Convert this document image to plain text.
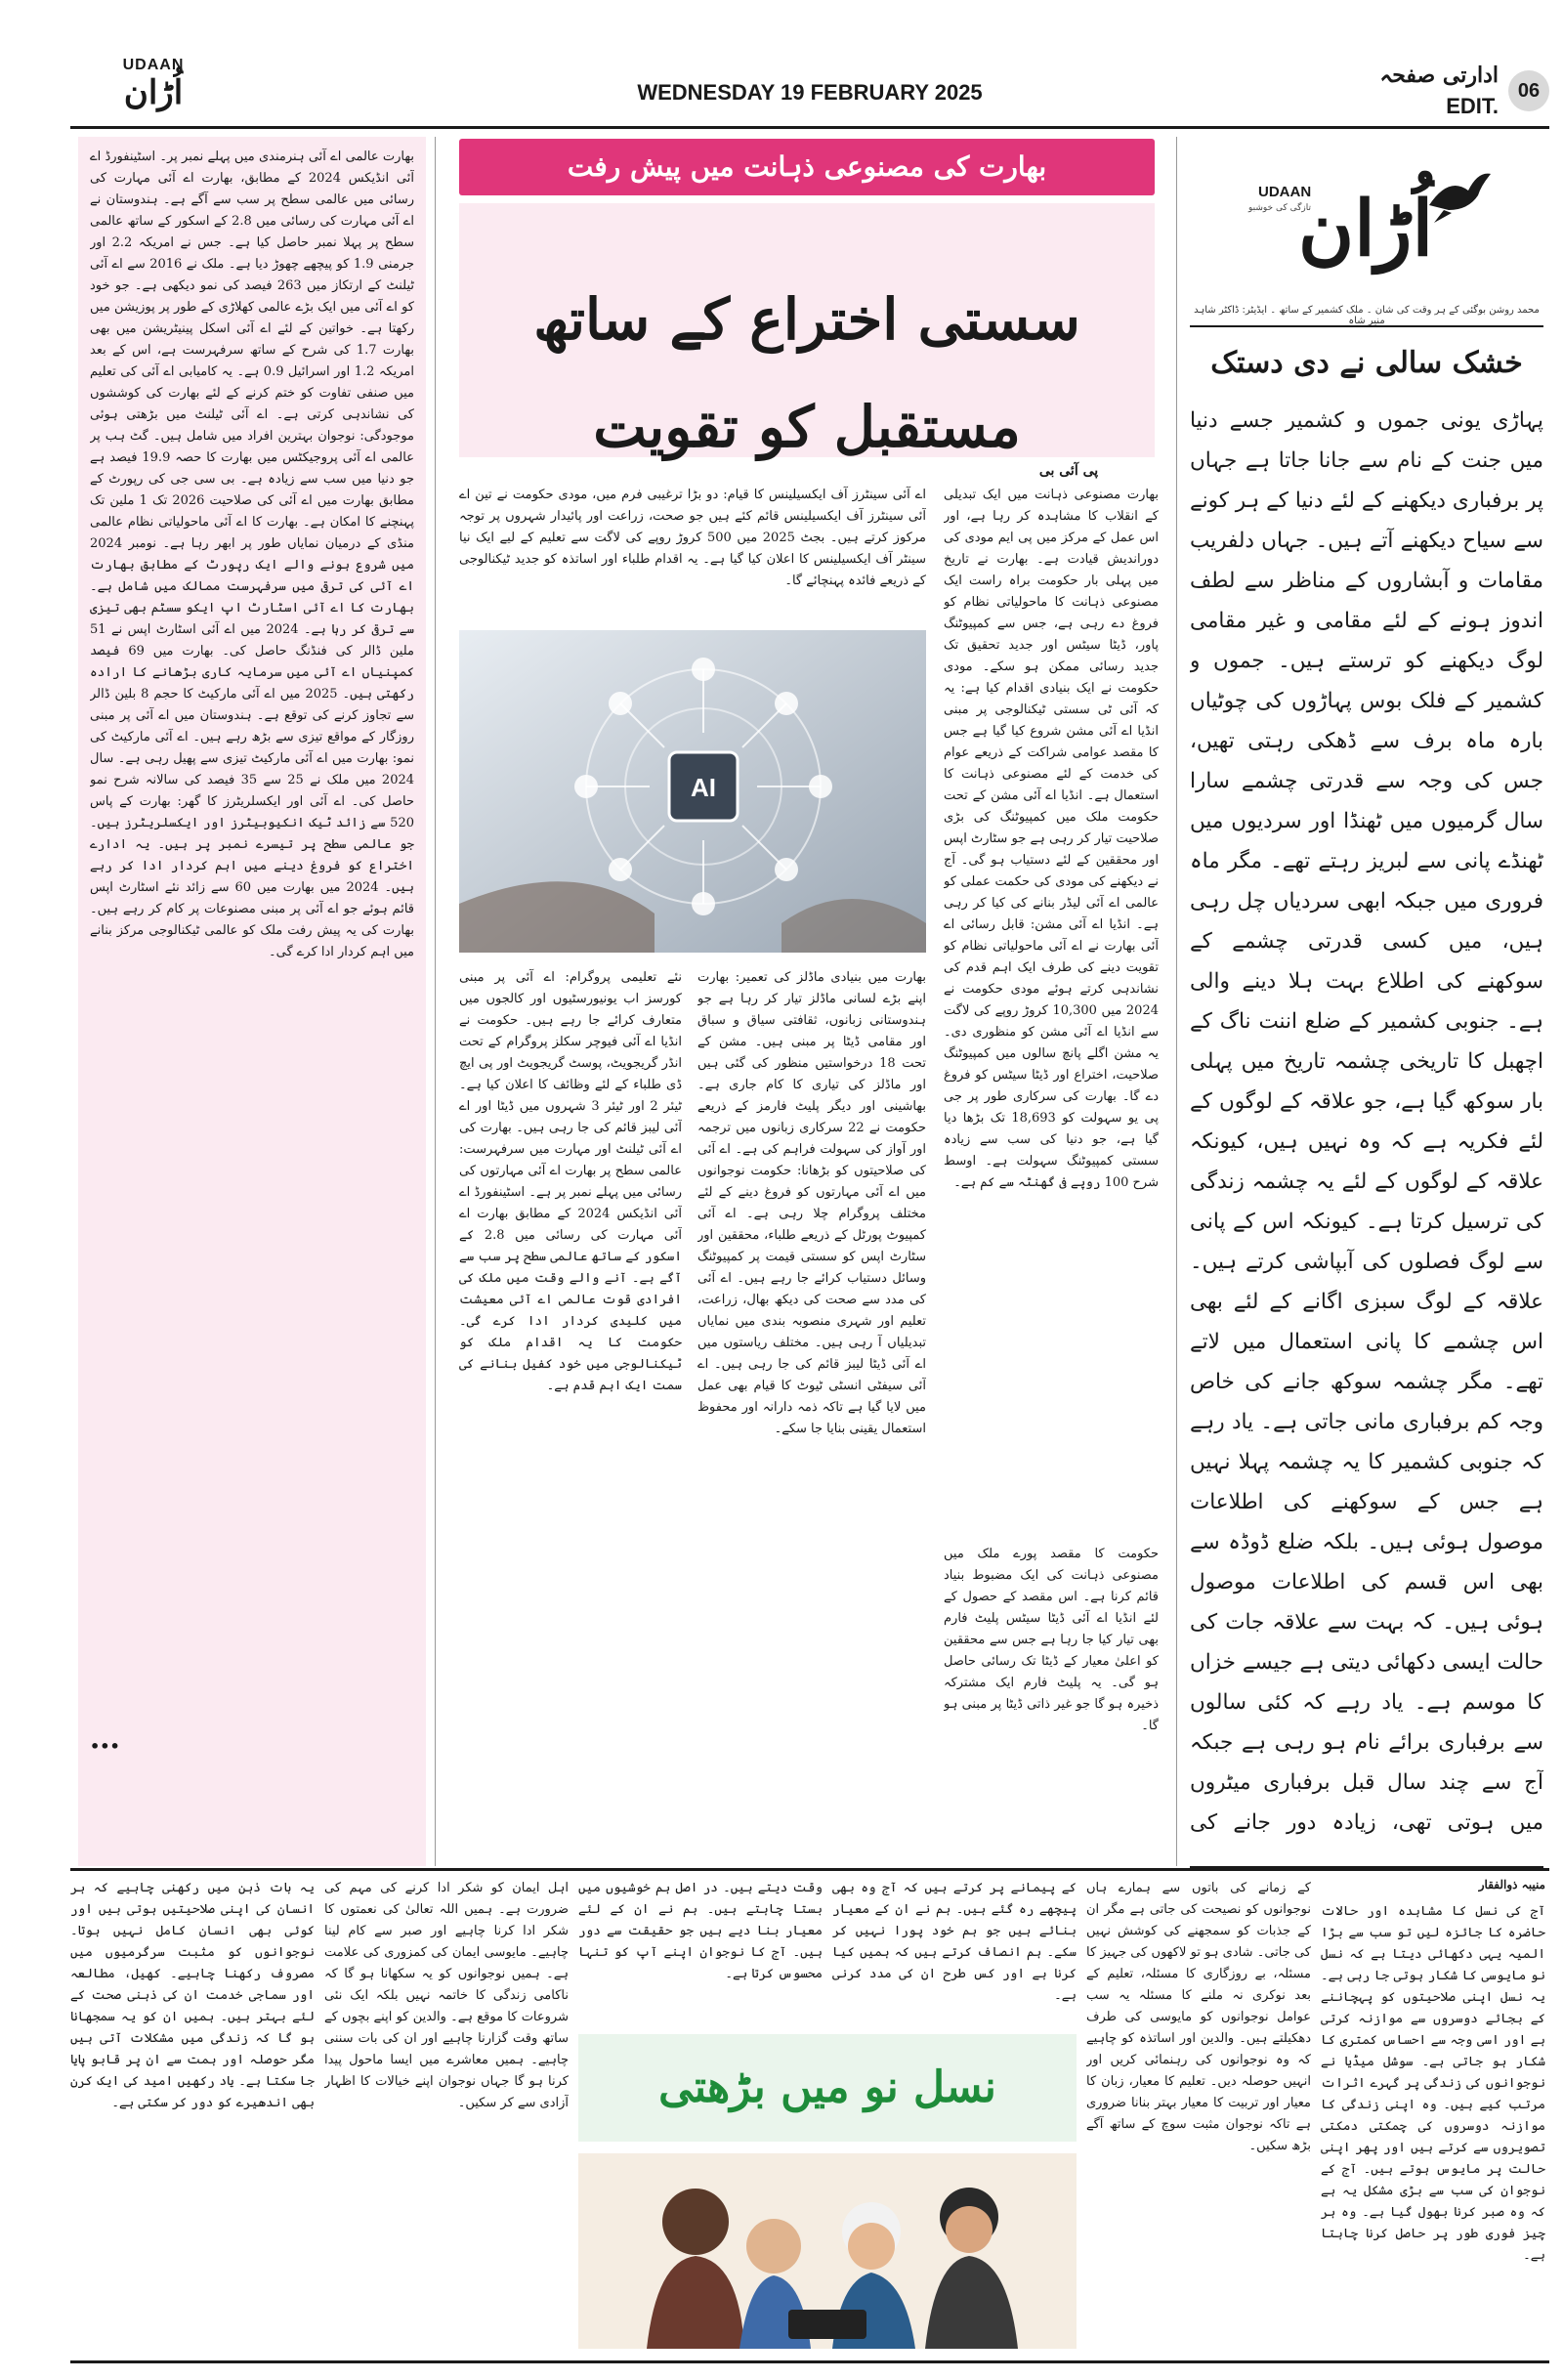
UDAAN
اُڑان	WEDNESDAY 19 FEBRUARY 2025
ادارتی صفحہ
EDIT.
06
بھارت عالمی اے آئی ہنرمندی میں پہلے نمبر پر۔ اسٹینفورڈ اے آئی انڈیکس 2024 کے مطابق، بھارت اے آئی مہارت کی رسائی میں عالمی سطح پر سب سے آگے ہے۔ ہندوستان نے اے آئی مہارت کی رسائی میں 2.8 کے اسکور کے ساتھ عالمی سطح پر پہلا نمبر حاصل کیا ہے۔ جس نے امریکہ 2.2 اور جرمنی 1.9 کو پیچھے چھوڑ دیا ہے۔ ملک نے 2016 سے اے آئی ٹیلنٹ کے ارتکاز میں 263 فیصد کی نمو دیکھی ہے۔ جو خود کو اے آئی میں ایک بڑے عالمی کھلاڑی کے طور پر پوزیشن میں رکھتا ہے۔ خواتین کے لئے اے آئی اسکل پینیٹریشن میں بھی بھارت 1.7 کی شرح کے ساتھ سرفہرست ہے، اس کے بعد امریکہ 1.2 اور اسرائیل 0.9 ہے۔ یہ کامیابی اے آئی کی تعلیم میں صنفی تفاوت کو ختم کرنے کے لئے بھارت کی کوششوں کی نشاندہی کرتی ہے۔ اے آئی ٹیلنٹ میں بڑھتی ہوئی موجودگی: نوجوان بہترین افراد میں شامل ہیں۔ گٹ ہب پر عالمی اے آئی پروجیکٹس میں بھارت کا حصہ 19.9 فیصد ہے جو دنیا میں سب سے زیادہ ہے۔ بی سی جی کی رپورٹ کے مطابق بھارت میں اے آئی کی صلاحیت 2026 تک 1 ملین تک پہنچنے کا امکان ہے۔ بھارت کا اے آئی ماحولیاتی نظام عالمی منڈی کے درمیان نمایاں طور پر ابھر رہا ہے۔ نومبر 2024 میں شروع ہونے والے ایک رپورٹ کے مطابق بھارت اے آئی کی ترقی میں سرفہرست ممالک میں شامل ہے۔ بھارت کا اے آئی اسٹارٹ اپ ایکو سسٹم بھی تیزی سے ترقی کر رہا ہے۔ 2024 میں اے آئی اسٹارٹ اپس نے 51 ملین ڈالر کی فنڈنگ حاصل کی۔ بھارت میں 69 فیصد کمپنیاں اے آئی میں سرمایہ کاری بڑھانے کا ارادہ رکھتی ہیں۔ 2025 میں اے آئی مارکیٹ کا حجم 8 بلین ڈالر سے تجاوز کرنے کی توقع ہے۔ ہندوستان میں اے آئی پر مبنی روزگار کے مواقع تیزی سے بڑھ رہے ہیں۔ اے آئی مارکیٹ کی نمو: بھارت میں اے آئی مارکیٹ تیزی سے پھیل رہی ہے۔ سال 2024 میں ملک نے 25 سے 35 فیصد کی سالانہ شرح نمو حاصل کی۔ اے آئی اور ایکسلریٹرز کا گھر: بھارت کے پاس 520 سے زائد ٹیک انکیوبیٹرز اور ایکسلریٹرز ہیں۔ جو عالمی سطح پر تیسرے نمبر پر ہیں۔ یہ ادارے اختراع کو فروغ دینے میں اہم کردار ادا کر رہے ہیں۔ 2024 میں بھارت میں 60 سے زائد نئے اسٹارٹ اپس قائم ہوئے جو اے آئی پر مبنی مصنوعات پر کام کر رہے ہیں۔ بھارت کی یہ پیش رفت ملک کو عالمی ٹیکنالوجی مرکز بنانے میں اہم کردار ادا کرے گی۔
•••
بھارت کی مصنوعی ذہانت میں پیش رفت
سستی اختراع کے ساتھ مستقبل کو تقویت
پی آئی بی
بھارت مصنوعی ذہانت میں ایک تبدیلی کے انقلاب کا مشاہدہ کر رہا ہے، اور اس عمل کے مرکز میں پی ایم مودی کی دوراندیش قیادت ہے۔ بھارت نے تاریخ میں پہلی بار حکومت براہ راست ایک مصنوعی ذہانت کا ماحولیاتی نظام کو فروغ دے رہی ہے، جس سے کمپیوٹنگ پاور، ڈیٹا سیٹس اور جدید تحقیق تک جدید رسائی ممکن ہو سکے۔ مودی حکومت نے ایک بنیادی اقدام کیا ہے: یہ کہ آئی ٹی سستی ٹیکنالوجی پر مبنی انڈیا اے آئی مشن شروع کیا گیا ہے جس کا مقصد عوامی شراکت کے ذریعے عوام کی خدمت کے لئے مصنوعی ذہانت کا استعمال ہے۔ انڈیا اے آئی مشن کے تحت حکومت ملک میں کمپیوٹنگ کی بڑی صلاحیت تیار کر رہی ہے جو سٹارٹ اپس اور محققین کے لئے دستیاب ہو گی۔ آج نے دیکھنے کی مودی کی حکمت عملی کو عالمی اے آئی لیڈر بنانے کی کیا کر رہی ہے۔ انڈیا اے آئی مشن: قابل رسائی اے آئی بھارت نے اے آئی ماحولیاتی نظام کو تقویت دینے کی طرف ایک اہم قدم کی نشاندہی کرتے ہوئے مودی حکومت نے 2024 میں 10,300 کروڑ روپے کی لاگت سے انڈیا اے آئی مشن کو منظوری دی۔ یہ مشن اگلے پانچ سالوں میں کمپیوٹنگ صلاحیت، اختراع اور ڈیٹا سیٹس کو فروغ دے گا۔ بھارت کی سرکاری طور پر جی پی یو سہولت کو 18,693 تک بڑھا دیا گیا ہے، جو دنیا کی سب سے زیادہ سستی کمپیوٹنگ سہولت ہے۔ اوسط شرح 100 روپے فی گھنٹہ سے کم ہے۔
اے آئی سینٹرز آف ایکسیلینس کا قیام: دو بڑا ترغیبی فرم میں، مودی حکومت نے تین اے آئی سینٹرز آف ایکسیلینس قائم کئے ہیں جو صحت، زراعت اور پائیدار شہروں پر توجہ مرکوز کرتے ہیں۔ بجٹ 2025 میں 500 کروڑ روپے کی لاگت سے تعلیم کے لیے ایک نیا سینٹر آف ایکسیلینس کا اعلان کیا گیا ہے۔ یہ اقدام طلباء اور اساتذہ کو جدید ٹیکنالوجی کے ذریعے فائدہ پہنچائے گا۔
AI
بھارت میں بنیادی ماڈلز کی تعمیر: بھارت اپنے بڑے لسانی ماڈلز تیار کر رہا ہے جو ہندوستانی زبانوں، ثقافتی سیاق و سباق اور مقامی ڈیٹا پر مبنی ہیں۔ مشن کے تحت 18 درخواستیں منظور کی گئی ہیں اور ماڈلز کی تیاری کا کام جاری ہے۔ بھاشینی اور دیگر پلیٹ فارمز کے ذریعے حکومت نے 22 سرکاری زبانوں میں ترجمہ اور آواز کی سہولت فراہم کی ہے۔ اے آئی کی صلاحیتوں کو بڑھانا: حکومت نوجوانوں میں اے آئی مہارتوں کو فروغ دینے کے لئے مختلف پروگرام چلا رہی ہے۔ اے آئی کمپیوٹ پورٹل کے ذریعے طلباء، محققین اور سٹارٹ اپس کو سستی قیمت پر کمپیوٹنگ وسائل دستیاب کرائے جا رہے ہیں۔ اے آئی کی مدد سے صحت کی دیکھ بھال، زراعت، تعلیم اور شہری منصوبہ بندی میں نمایاں تبدیلیاں آ رہی ہیں۔ مختلف ریاستوں میں اے آئی ڈیٹا لیبز قائم کی جا رہی ہیں۔ اے آئی سیفٹی انسٹی ٹیوٹ کا قیام بھی عمل میں لایا گیا ہے تاکہ ذمہ دارانہ اور محفوظ استعمال یقینی بنایا جا سکے۔
نئے تعلیمی پروگرام: اے آئی پر مبنی کورسز اب یونیورسٹیوں اور کالجوں میں متعارف کرائے جا رہے ہیں۔ حکومت نے انڈیا اے آئی فیوچر سکلز پروگرام کے تحت انڈر گریجویٹ، پوسٹ گریجویٹ اور پی ایچ ڈی طلباء کے لئے وظائف کا اعلان کیا ہے۔ ٹیئر 2 اور ٹیئر 3 شہروں میں ڈیٹا اور اے آئی لیبز قائم کی جا رہی ہیں۔ بھارت کی اے آئی ٹیلنٹ اور مہارت میں سرفہرست: عالمی سطح پر بھارت اے آئی مہارتوں کی رسائی میں پہلے نمبر پر ہے۔ اسٹینفورڈ اے آئی انڈیکس 2024 کے مطابق بھارت اے آئی مہارت کی رسائی میں 2.8 کے اسکور کے ساتھ عالمی سطح پر سب سے آگے ہے۔ آنے والے وقت میں ملک کی افرادی قوت عالمی اے آئی معیشت میں کلیدی کردار ادا کرے گی۔ حکومت کا یہ اقدام ملک کو ٹیکنالوجی میں خود کفیل بنانے کی سمت ایک اہم قدم ہے۔
حکومت کا مقصد پورے ملک میں مصنوعی ذہانت کی ایک مضبوط بنیاد قائم کرنا ہے۔ اس مقصد کے حصول کے لئے انڈیا اے آئی ڈیٹا سیٹس پلیٹ فارم بھی تیار کیا جا رہا ہے جس سے محققین کو اعلیٰ معیار کے ڈیٹا تک رسائی حاصل ہو گی۔ یہ پلیٹ فارم ایک مشترکہ ذخیرہ ہو گا جو غیر ذاتی ڈیٹا پر مبنی ہو گا۔
UDAAN
تازگی کی خوشبو
اُڑان
محمد روشن بوگئی کے ہر وقت کی شان ۔ ملک کشمیر کے ساتھ ۔ ایڈیٹر: ڈاکٹر شاہد منیر شاہ
خشک سالی نے دی دستک
پہاڑی یونی جموں و کشمیر جسے دنیا میں جنت کے نام سے جانا جاتا ہے جہاں پر برفباری دیکھنے کے لئے دنیا کے ہر کونے سے سیاح دیکھنے آتے ہیں۔ جہاں دلفریب مقامات و آبشاروں کے مناظر سے لطف اندوز ہونے کے لئے مقامی و غیر مقامی لوگ دیکھنے کو ترستے ہیں۔ جموں و کشمیر کے فلک بوس پہاڑوں کی چوٹیاں بارہ ماہ برف سے ڈھکی رہتی تھیں، جس کی وجہ سے قدرتی چشمے سارا سال گرمیوں میں ٹھنڈا اور سردیوں میں ٹھنڈے پانی سے لبریز رہتے تھے۔ مگر ماہ فروری میں جبکہ ابھی سردیاں چل رہی ہیں، میں کسی قدرتی چشمے کے سوکھنے کی اطلاع بہت ہلا دینے والی ہے۔ جنوبی کشمیر کے ضلع اننت ناگ کے اچھبل کا تاریخی چشمہ تاریخ میں پہلی بار سوکھ گیا ہے، جو علاقہ کے لوگوں کے لئے فکریہ ہے کہ وہ نہیں ہیں، کیونکہ علاقہ کے لوگوں کے لئے یہ چشمہ زندگی کی ترسیل کرتا ہے۔ کیونکہ اس کے پانی سے لوگ فصلوں کی آبپاشی کرتے ہیں۔ علاقہ کے لوگ سبزی اگانے کے لئے بھی اس چشمے کا پانی استعمال میں لاتے تھے۔ مگر چشمہ سوکھ جانے کی خاص وجہ کم برفباری مانی جاتی ہے۔ یاد رہے کہ جنوبی کشمیر کا یہ چشمہ پہلا نہیں ہے جس کے سوکھنے کی اطلاعات موصول ہوئی ہیں۔ بلکہ ضلع ڈوڈہ سے بھی اس قسم کی اطلاعات موصول ہوئی ہیں۔ کہ بہت سے علاقہ جات کی حالت ایسی دکھائی دیتی ہے جیسے خزاں کا موسم ہے۔ یاد رہے کہ کئی سالوں سے برفباری برائے نام ہو رہی ہے جبکہ آج سے چند سال قبل برفباری میٹروں میں ہوتی تھی، زیادہ دور جانے کی
منیبہ ذوالفقار
آج کی نسل کا مشاہدہ اور حالات حاضرہ کا جائزہ لیں تو سب سے بڑا المیہ یہی دکھائی دیتا ہے کہ نسل نو مایوسی کا شکار ہوتی جا رہی ہے۔ یہ نسل اپنی صلاحیتوں کو پہچاننے کے بجائے دوسروں سے موازنہ کرتی ہے اور اسی وجہ سے احساس کمتری کا شکار ہو جاتی ہے۔ سوشل میڈیا نے نوجوانوں کی زندگی پر گہرے اثرات مرتب کیے ہیں۔ وہ اپنی زندگی کا موازنہ دوسروں کی چمکتی دمکتی تصویروں سے کرتے ہیں اور پھر اپنی حالت پر مایوس ہوتے ہیں۔ آج کے نوجوان کی سب سے بڑی مشکل یہ ہے کہ وہ صبر کرنا بھول گیا ہے۔ وہ ہر چیز فوری طور پر حاصل کرنا چاہتا ہے۔
کے زمانے کی باتوں سے ہمارے ہاں نوجوانوں کو نصیحت کی جاتی ہے مگر ان کے جذبات کو سمجھنے کی کوشش نہیں کی جاتی۔ شادی ہو تو لاکھوں کی جہیز کا مسئلہ، بے روزگاری کا مسئلہ، تعلیم کے بعد نوکری نہ ملنے کا مسئلہ یہ سب عوامل نوجوانوں کو مایوسی کی طرف دھکیلتے ہیں۔ والدین اور اساتذہ کو چاہیے کہ وہ نوجوانوں کی رہنمائی کریں اور انہیں حوصلہ دیں۔ تعلیم کا معیار، زبان کا معیار اور تربیت کا معیار بہتر بنانا ضروری ہے تاکہ نوجوان مثبت سوچ کے ساتھ آگے بڑھ سکیں۔
کے پیمانے پر کرتے ہیں کہ آج وہ بھی پیچھے رہ گئے ہیں۔ ہم نے ان کے معیار بنائے ہیں جو ہم خود پورا نہیں کر سکے۔ ہم انصاف کرتے ہیں کہ ہمیں کیا کرنا ہے اور کس طرح ان کی مدد کرنی ہے۔
وقت دیتے ہیں۔ در اصل ہم خوشیوں میں بستا چاہتے ہیں۔ ہم نے ان کے لئے معیار بنا دیے ہیں جو حقیقت سے دور ہیں۔ آج کا نوجوان اپنے آپ کو تنہا محسوس کرتا ہے۔
نسل نو میں بڑھتی
اہل ایمان کو شکر ادا کرنے کی مہم کی ضرورت ہے۔ ہمیں اللہ تعالیٰ کی نعمتوں کا شکر ادا کرنا چاہیے اور صبر سے کام لینا چاہیے۔ مایوسی ایمان کی کمزوری کی علامت ہے۔ ہمیں نوجوانوں کو یہ سکھانا ہو گا کہ ناکامی زندگی کا خاتمہ نہیں بلکہ ایک نئی شروعات کا موقع ہے۔ والدین کو اپنے بچوں کے ساتھ وقت گزارنا چاہیے اور ان کی بات سننی چاہیے۔ ہمیں معاشرے میں ایسا ماحول پیدا کرنا ہو گا جہاں نوجوان اپنے خیالات کا اظہار آزادی سے کر سکیں۔
یہ بات ذہن میں رکھنی چاہیے کہ ہر انسان کی اپنی صلاحیتیں ہوتی ہیں اور کوئی بھی انسان کامل نہیں ہوتا۔ نوجوانوں کو مثبت سرگرمیوں میں مصروف رکھنا چاہیے۔ کھیل، مطالعہ اور سماجی خدمت ان کی ذہنی صحت کے لئے بہتر ہیں۔ ہمیں ان کو یہ سمجھانا ہو گا کہ زندگی میں مشکلات آتی ہیں مگر حوصلہ اور ہمت سے ان پر قابو پایا جا سکتا ہے۔ یاد رکھیں امید کی ایک کرن بھی اندھیرے کو دور کر سکتی ہے۔
